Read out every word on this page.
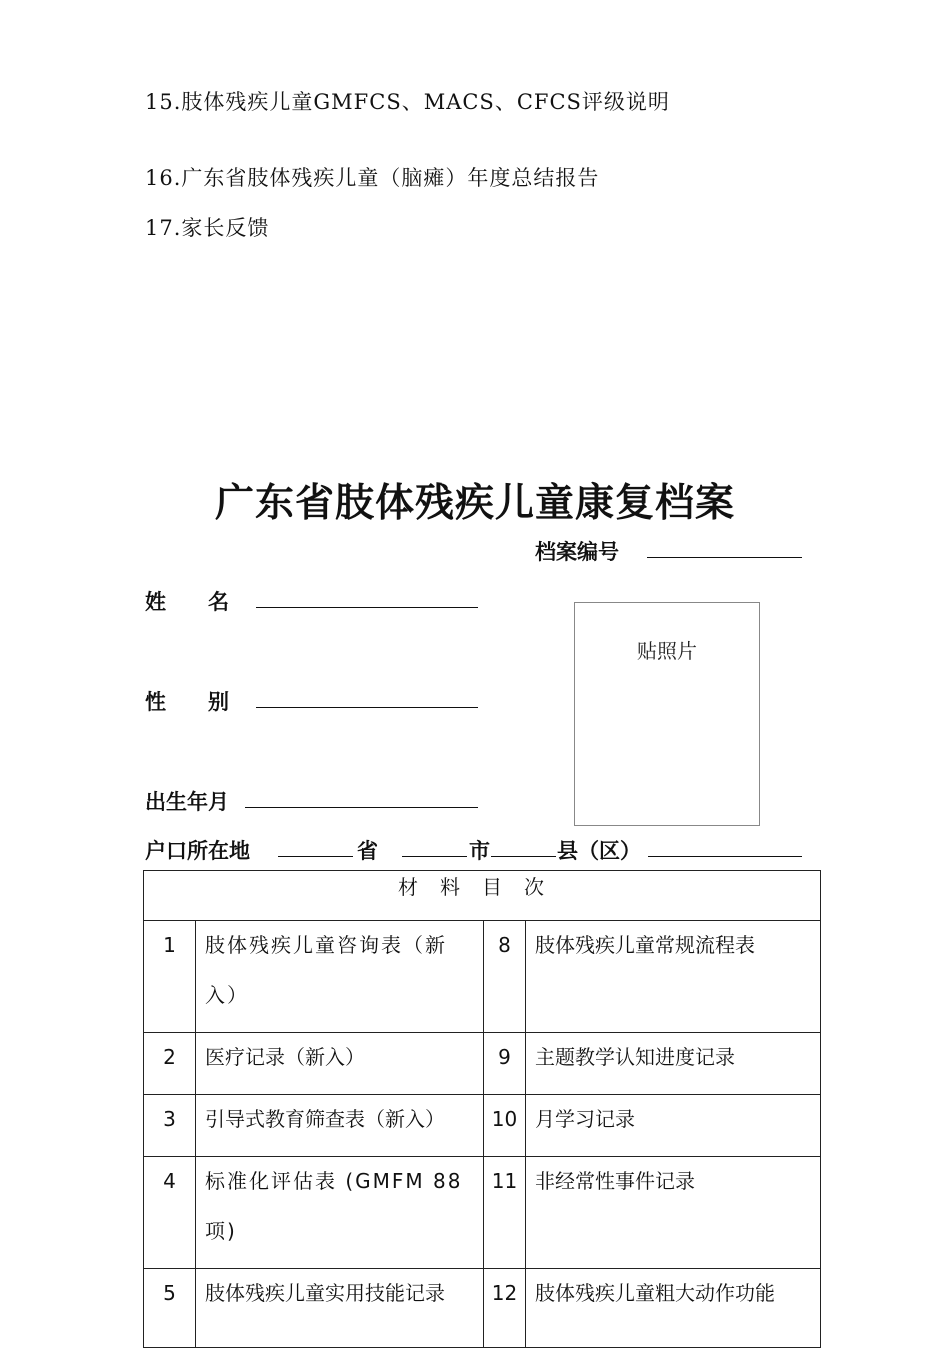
15.肢体残疾儿童GMFCS、MACS、CFCS评级说明
16.广东省肢体残疾儿童（脑瘫）年度总结报告
17.家长反馈
广东省肢体残疾儿童康复档案
档案编号
姓　　名
性　　别
出生年月
户口所在地	省	市	县（区）
贴照片
材料目次			
1	肢体残疾儿童咨询表（新入）	8	肢体残疾儿童常规流程表

2	医疗记录（新入）	9	主题教学认知进度记录

3	引导式教育筛查表（新入）	10	月学习记录

4	标准化评估表 (GMFM 88项)	11	非经常性事件记录

5	肢体残疾儿童实用技能记录	12	肢体残疾儿童粗大动作功能
